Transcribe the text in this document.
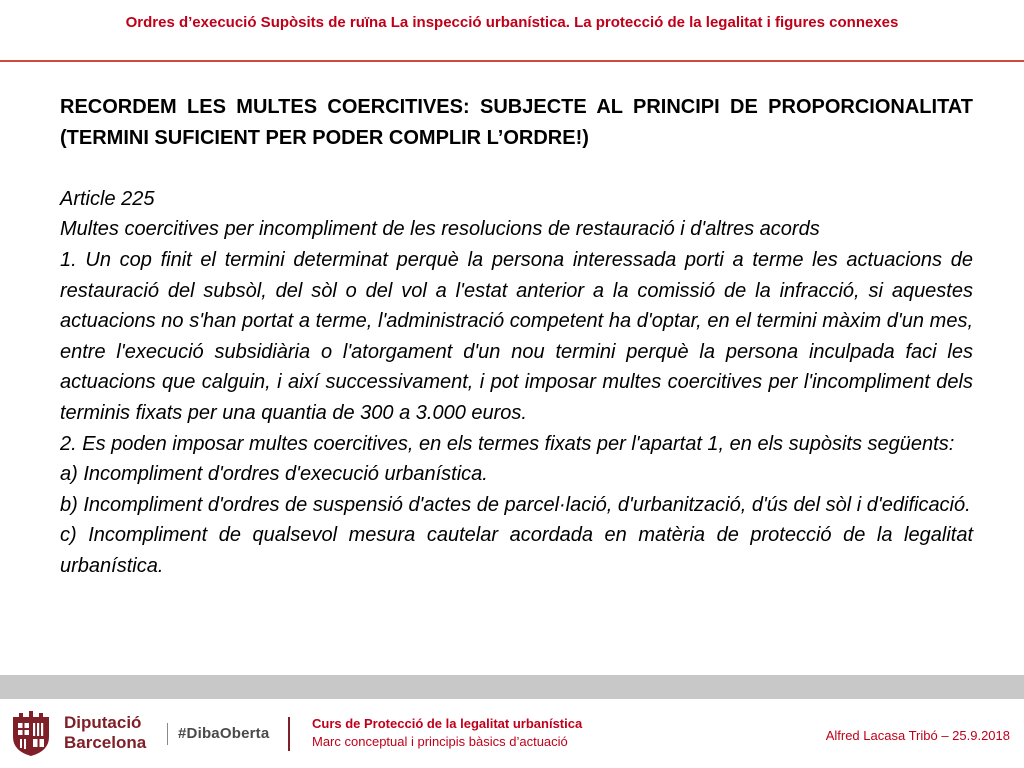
Ordres d’execució Supòsits de ruïna La inspecció urbanística. La protecció de la legalitat i figures connexes

RECORDEM LES MULTES COERCITIVES: SUBJECTE AL PRINCIPI DE PROPORCIONALITAT (TERMINI SUFICIENT PER PODER COMPLIR L’ORDRE!)

Article 225

Multes coercitives per incompliment de les resolucions de restauració i d'altres acords

1. Un cop finit el termini determinat perquè la persona interessada porti a terme les actuacions de restauració del subsòl, del sòl o del vol a l'estat anterior a la comissió de la infracció, si aquestes actuacions no s'han portat a terme, l'administració competent ha d'optar, en el termini màxim d'un mes, entre l'execució subsidiària o l'atorgament d'un nou termini perquè la persona inculpada faci les actuacions que calguin, i així successivament, i pot imposar multes coercitives per l'incompliment dels terminis fixats per una quantia de 300 a 3.000 euros.

2. Es poden imposar multes coercitives, en els termes fixats per l'apartat 1, en els supòsits següents:

a) Incompliment d'ordres d'execució urbanística.

b) Incompliment d'ordres de suspensió d'actes de parcel·lació, d'urbanització, d'ús del sòl i d'edificació.

c) Incompliment de qualsevol mesura cautelar acordada en matèria de protecció de la legalitat urbanística.

Diputació
Barcelona #DibaOberta
Curs de Protecció de la legalitat urbanística
Marc conceptual i principis bàsics d’actuació	Alfred Lacasa Tribó – 25.9.2018
